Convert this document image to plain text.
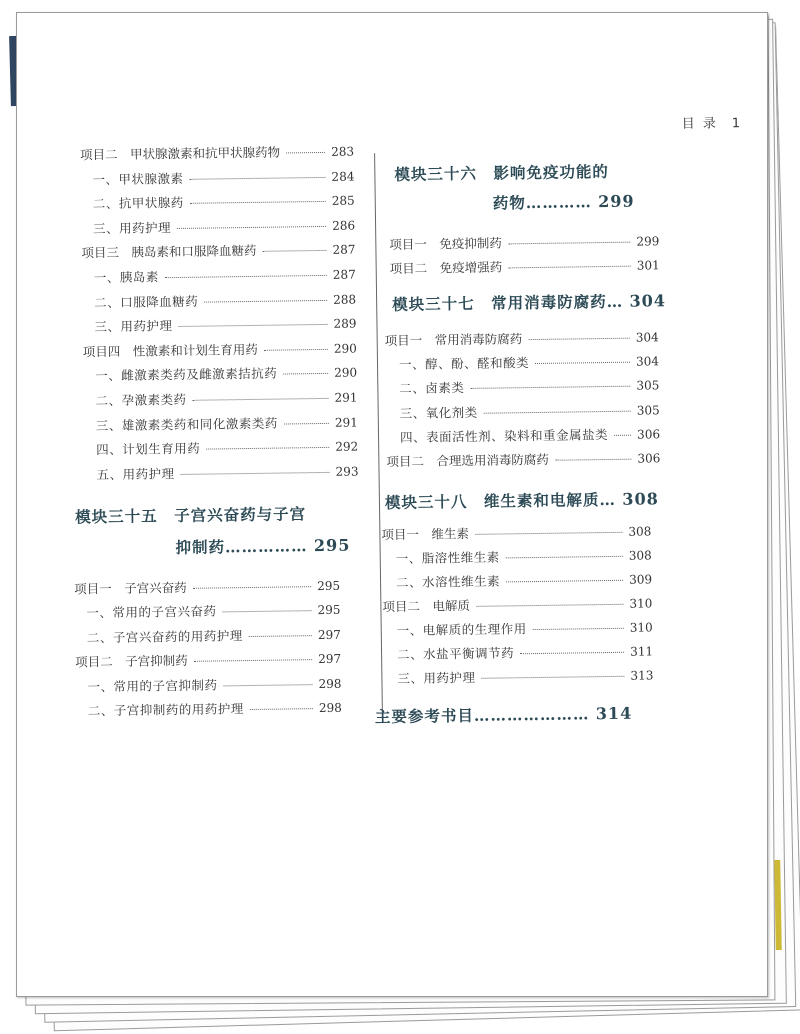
目 录 1
项目二　甲状腺激素和抗甲状腺药物	283
一、甲状腺激素	284
二、抗甲状腺药	285
三、用药护理	286
项目三　胰岛素和口服降血糖药	287
一、胰岛素	287
二、口服降血糖药	288
三、用药护理	289
项目四　性激素和计划生育用药	290
一、雌激素类药及雌激素拮抗药	290
二、孕激素类药	291
三、雄激素类药和同化激素类药	291
四、计划生育用药	292
五、用药护理	293
模块三十五　子宫兴奋药与子宫
抑制药…………… 295
项目一　子宫兴奋药	295
一、常用的子宫兴奋药	295
二、子宫兴奋药的用药护理	297
项目二　子宫抑制药	297
一、常用的子宫抑制药	298
二、子宫抑制药的用药护理	298
模块三十六　影响免疫功能的
药物………… 299
项目一　免疫抑制药	299
项目二　免疫增强药	301
模块三十七　常用消毒防腐药… 304
项目一　常用消毒防腐药	304
一、醇、酚、醛和酸类	304
二、卤素类	305
三、氧化剂类	305
四、表面活性剂、染料和重金属盐类 306
项目二　合理选用消毒防腐药	306
模块三十八　维生素和电解质… 308
项目一　维生素	308
一、脂溶性维生素	308
二、水溶性维生素	309
项目二　电解质	310
一、电解质的生理作用	310
二、水盐平衡调节药	311
三、用药护理	313
主要参考书目………………… 314
